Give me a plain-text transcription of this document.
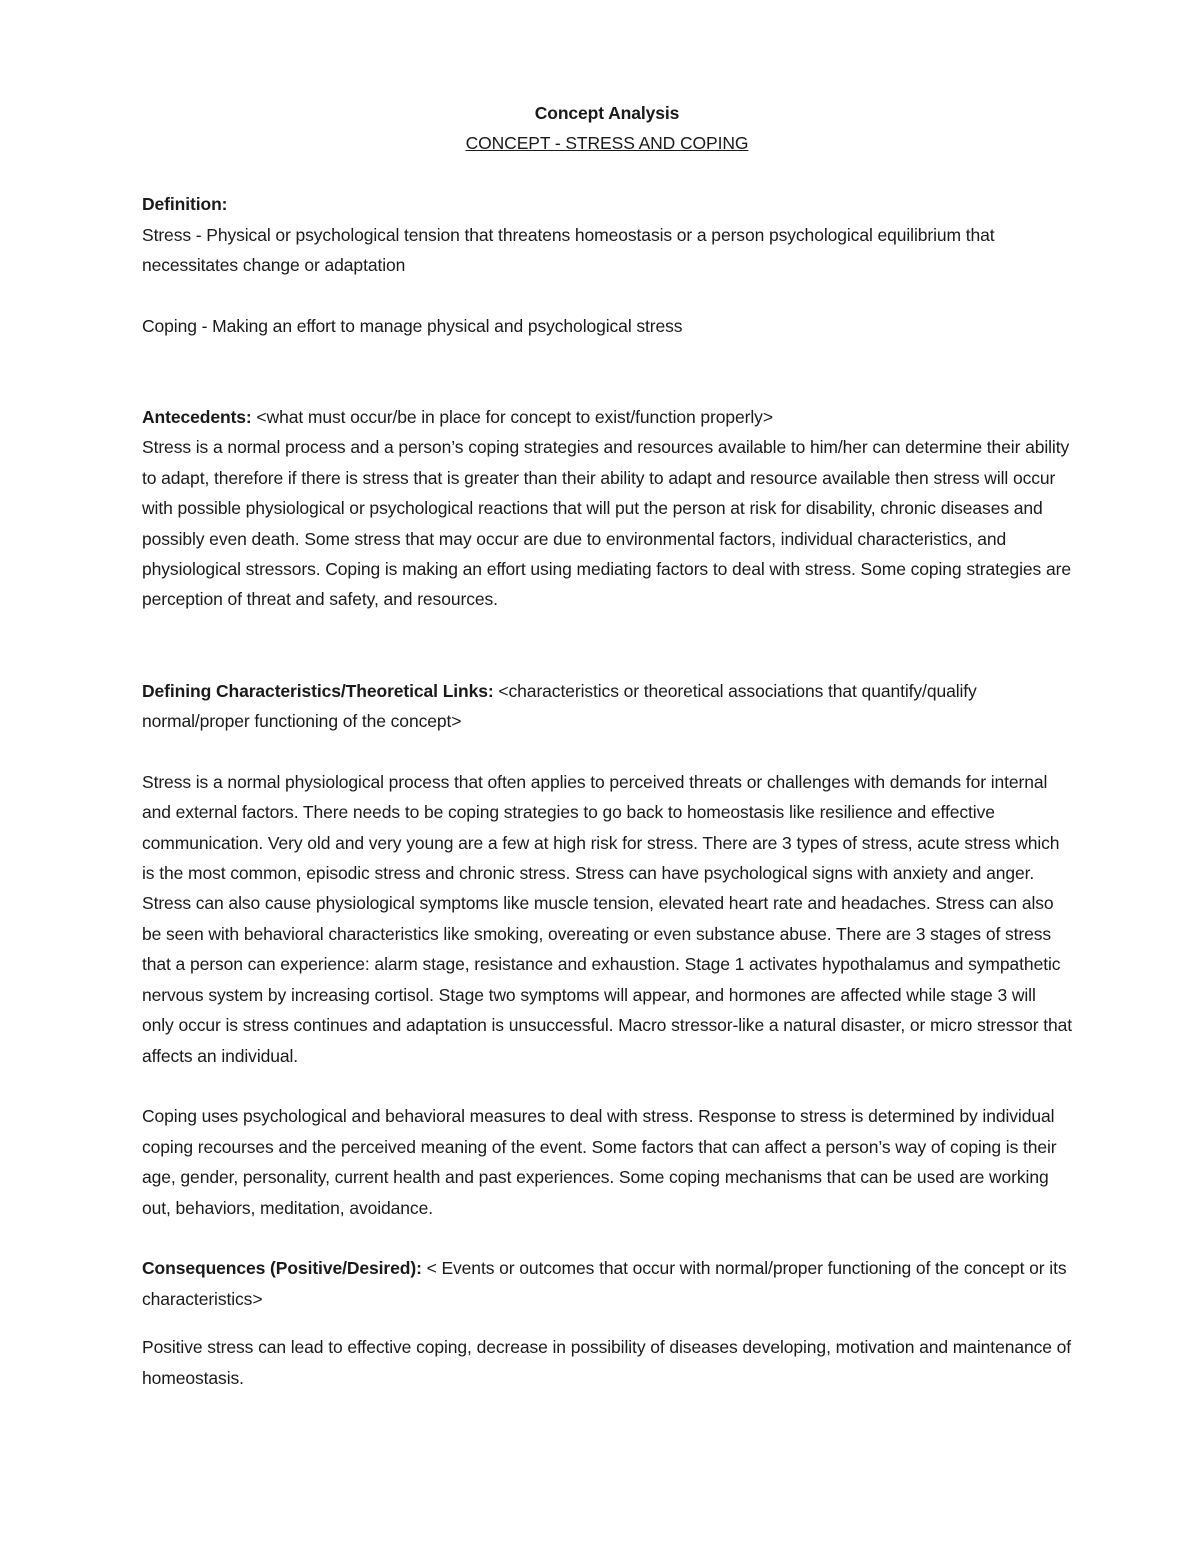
Concept Analysis

CONCEPT - STRESS AND COPING

Definition:

Stress - Physical or psychological tension that threatens homeostasis or a person psychological equilibrium that necessitates change or adaptation

Coping - Making an effort to manage physical and psychological stress

Antecedents: <what must occur/be in place for concept to exist/function properly>

Stress is a normal process and a person’s coping strategies and resources available to him/her can determine their ability to adapt, therefore if there is stress that is greater than their ability to adapt and resource available then stress will occur with possible physiological or psychological reactions that will put the person at risk for disability, chronic diseases and possibly even death. Some stress that may occur are due to environmental factors, individual characteristics, and physiological stressors. Coping is making an effort using mediating factors to deal with stress. Some coping strategies are perception of threat and safety, and resources.

Defining Characteristics/Theoretical Links: <characteristics or theoretical associations that quantify/qualify normal/proper functioning of the concept>

Stress is a normal physiological process that often applies to perceived threats or challenges with demands for internal and external factors. There needs to be coping strategies to go back to homeostasis like resilience and effective communication. Very old and very young are a few at high risk for stress. There are 3 types of stress, acute stress which is the most common, episodic stress and chronic stress. Stress can have psychological signs with anxiety and anger. Stress can also cause physiological symptoms like muscle tension, elevated heart rate and headaches. Stress can also be seen with behavioral characteristics like smoking, overeating or even substance abuse. There are 3 stages of stress that a person can experience: alarm stage, resistance and exhaustion. Stage 1 activates hypothalamus and sympathetic nervous system by increasing cortisol. Stage two symptoms will appear, and hormones are affected while stage 3 will only occur is stress continues and adaptation is unsuccessful. Macro stressor-like a natural disaster, or micro stressor that affects an individual.

Coping uses psychological and behavioral measures to deal with stress. Response to stress is determined by individual coping recourses and the perceived meaning of the event. Some factors that can affect a person’s way of coping is their age, gender, personality, current health and past experiences. Some coping mechanisms that can be used are working out, behaviors, meditation, avoidance.

Consequences (Positive/Desired): < Events or outcomes that occur with normal/proper functioning of the concept or its characteristics>

Positive stress can lead to effective coping, decrease in possibility of diseases developing, motivation and maintenance of homeostasis.
